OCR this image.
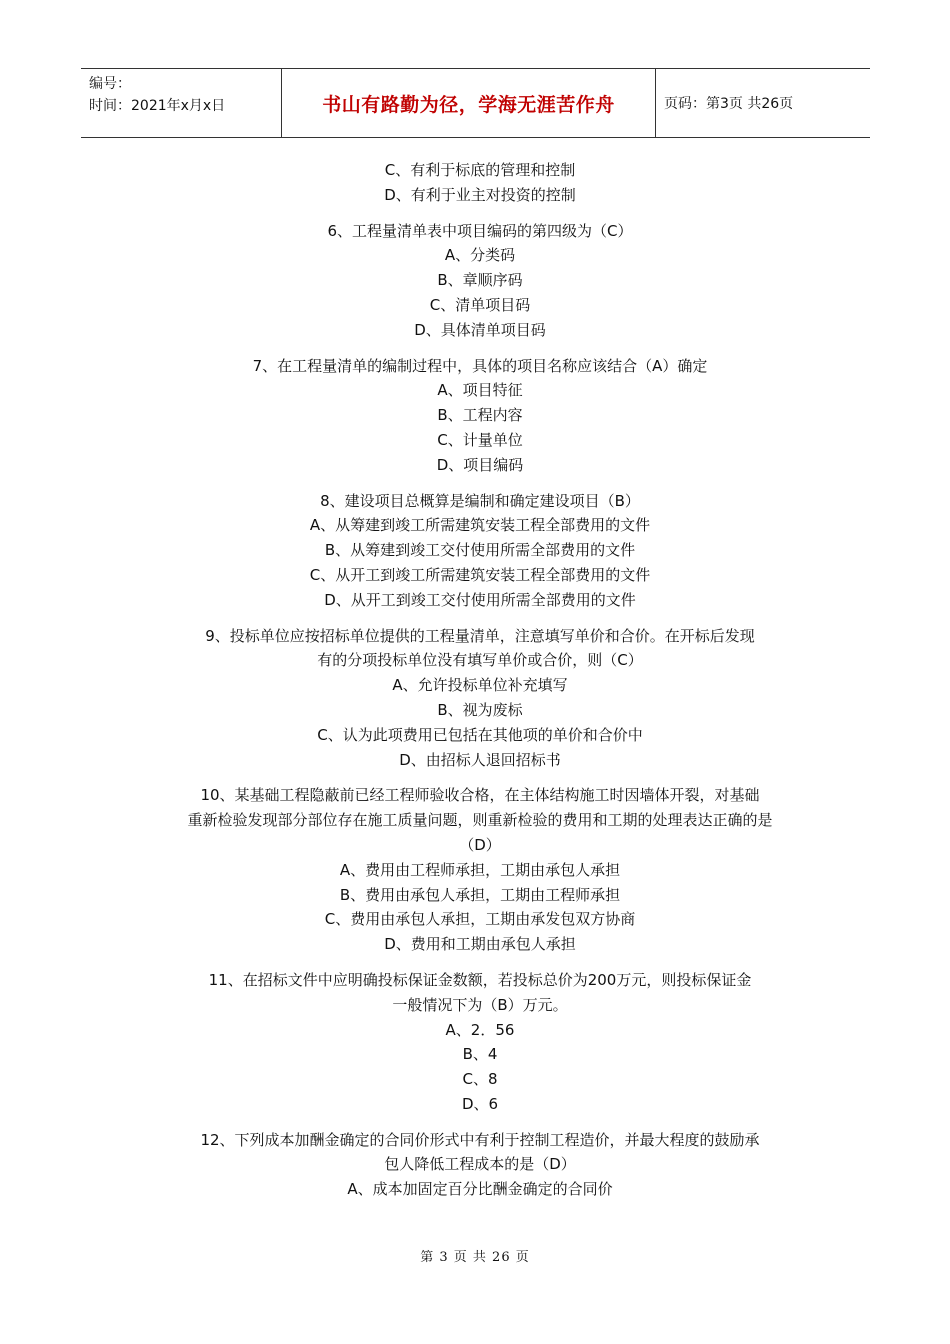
编号：
时间：2021年x月x日	书山有路勤为径，学海无涯苦作舟	页码：第3页 共26页
C、有利于标底的管理和控制
D、有利于业主对投资的控制
6、工程量清单表中项目编码的第四级为（C）
A、分类码
B、章顺序码
C、清单项目码
D、具体清单项目码
7、在工程量清单的编制过程中，具体的项目名称应该结合（A）确定
A、项目特征
B、工程内容
C、计量单位
D、项目编码
8、建设项目总概算是编制和确定建设项目（B）
A、从筹建到竣工所需建筑安装工程全部费用的文件
B、从筹建到竣工交付使用所需全部费用的文件
C、从开工到竣工所需建筑安装工程全部费用的文件
D、从开工到竣工交付使用所需全部费用的文件
9、投标单位应按招标单位提供的工程量清单，注意填写单价和合价。在开标后发现
有的分项投标单位没有填写单价或合价，则（C）
A、允许投标单位补充填写
B、视为废标
C、认为此项费用已包括在其他项的单价和合价中
D、由招标人退回招标书
10、某基础工程隐蔽前已经工程师验收合格，在主体结构施工时因墙体开裂，对基础
重新检验发现部分部位存在施工质量问题，则重新检验的费用和工期的处理表达正确的是
（D）
A、费用由工程师承担，工期由承包人承担
B、费用由承包人承担，工期由工程师承担
C、费用由承包人承担，工期由承发包双方协商
D、费用和工期由承包人承担
11、在招标文件中应明确投标保证金数额，若投标总价为200万元，则投标保证金
一般情况下为（B）万元。
A、2．56
B、4
C、8
D、6
12、下列成本加酬金确定的合同价形式中有利于控制工程造价，并最大程度的鼓励承
包人降低工程成本的是（D）
A、成本加固定百分比酬金确定的合同价
第 3 页 共 26 页
